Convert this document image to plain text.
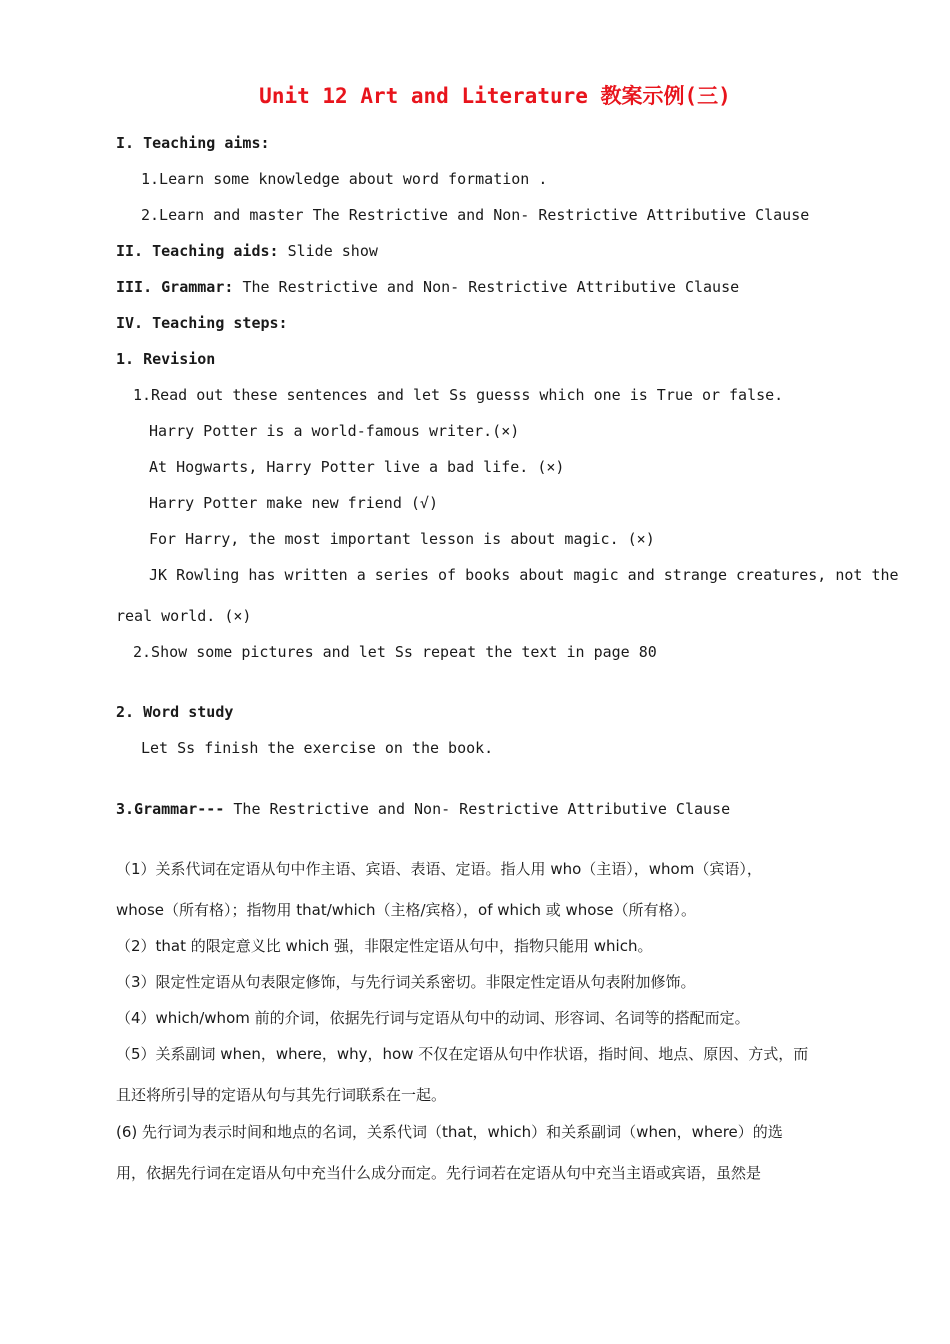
Unit 12 Art and Literature 教案示例(三)
I. Teaching aims:
1.Learn some knowledge about word formation .
2.Learn and master The Restrictive and Non- Restrictive Attributive Clause
II. Teaching aids: Slide show
III. Grammar: The Restrictive and Non- Restrictive Attributive Clause
IV. Teaching steps:
1. Revision
1.Read out these sentences and let Ss guesss which one is True or false.
Harry Potter is a world-famous writer.(×)
At Hogwarts, Harry Potter live a bad life. (×)
Harry Potter make new friend (√)
For Harry, the most important lesson is about magic. (×)
JK Rowling has written a series of books about magic and strange creatures, not the
real world. (×)
2.Show some pictures and let Ss repeat the text in page 80
2. Word study
Let Ss finish the exercise on the book.
3.Grammar--- The Restrictive and Non- Restrictive Attributive Clause
（1）关系代词在定语从句中作主语、宾语、表语、定语。指人用 who（主语），whom（宾语），
whose（所有格）；指物用 that/which（主格/宾格），of which 或 whose（所有格）。
（2）that 的限定意义比 which 强，非限定性定语从句中，指物只能用 which。
（3）限定性定语从句表限定修饰，与先行词关系密切。非限定性定语从句表附加修饰。
（4）which/whom 前的介词，依据先行词与定语从句中的动词、形容词、名词等的搭配而定。
（5）关系副词 when，where，why，how 不仅在定语从句中作状语，指时间、地点、原因、方式，而
且还将所引导的定语从句与其先行词联系在一起。
(6) 先行词为表示时间和地点的名词，关系代词（that，which）和关系副词（when，where）的选
用，依据先行词在定语从句中充当什么成分而定。先行词若在定语从句中充当主语或宾语，虽然是
